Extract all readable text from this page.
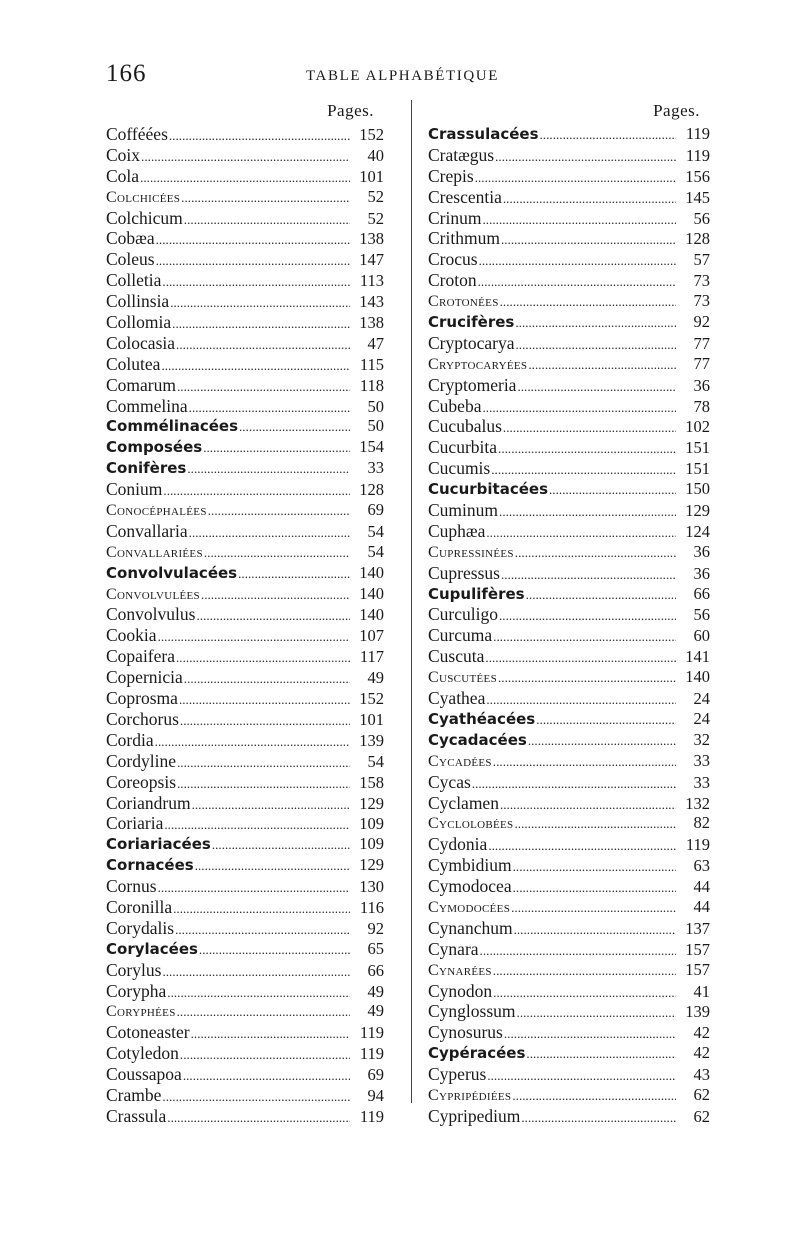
166	TABLE ALPHABÉTIQUE
Pages.
Cofféées . . .	152
Coix . . .	40
Cola . . .	101
Colchicées . . .	52
Colchicum . . .	52
Cobæa . . .	138
Coleus . . .	147
Colletia . . .	113
Collinsia . . .	143
Collomia . . .	138
Colocasia . . .	47
Colutea . . .	115
Comarum . . .	118
Commelina . . .	50
Commélinacées . . .	50
Composées . . .	154
Conifères . . .	33
Conium . . .	128
Conocéphalées . . .	69
Convallaria . . .	54
Convallariées . . .	54
Convolvulacées . . .	140
Convolvulées . . .	140
Convolvulus . . .	140
Cookia . . .	107
Copaifera . . .	117
Copernicia . . .	49
Coprosma . . .	152
Corchorus . . .	101
Cordia . . .	139
Cordyline . . .	54
Coreopsis . . .	158
Coriandrum . . .	129
Coriaria . . .	109
Coriariacées . . .	109
Cornacées . . .	129
Cornus . . .	130
Coronilla . . .	116
Corydalis . . .	92
Corylacées . . .	65
Corylus . . .	66
Corypha . . .	49
Coryphées . . .	49
Cotoneaster . . .	119
Cotyledon . . .	119
Coussapoa . . .	69
Crambe . . .	94
Crassula . . .	119
Pages.
Crassulacées . . .	119
Cratægus . . .	119
Crepis . . .	156
Crescentia . . .	145
Crinum . . .	56
Crithmum . . .	128
Crocus . . .	57
Croton . . .	73
Crotonées . . .	73
Crucifères . . .	92
Cryptocarya . . .	77
Cryptocaryées . . .	77
Cryptomeria . . .	36
Cubeba . . .	78
Cucubalus . . .	102
Cucurbita . . .	151
Cucumis . . .	151
Cucurbitacées . . .	150
Cuminum . . .	129
Cuphæa . . .	124
Cupressinées . . .	36
Cupressus . . .	36
Cupulifères . . .	66
Curculigo . . .	56
Curcuma . . .	60
Cuscuta . . .	141
Cuscutées . . .	140
Cyathea . . .	24
Cyathéacées . . .	24
Cycadacées . . .	32
Cycadées . . .	33
Cycas . . .	33
Cyclamen . . .	132
Cyclolobées . . .	82
Cydonia . . .	119
Cymbidium . . .	63
Cymodocea . . .	44
Cymodocées . . .	44
Cynanchum . . .	137
Cynara . . .	157
Cynarées . . .	157
Cynodon . . .	41
Cynglossum . . .	139
Cynosurus . . .	42
Cypéracées . . .	42
Cyperus . . .	43
Cypripédiées . . .	62
Cypripedium . . .	62
